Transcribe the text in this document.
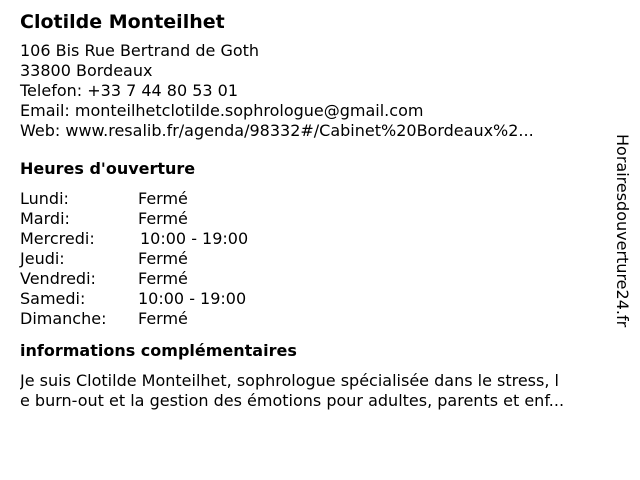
Clotilde Monteilhet
106 Bis Rue Bertrand de Goth
33800 Bordeaux
Telefon: +33 7 44 80 53 01
Email: monteilhetclotilde.sophrologue@gmail.com
Web: www.resalib.fr/agenda/98332#/Cabinet%20Bordeaux%2...
Heures d'ouverture
Lundi:	Fermé
Mardi:	Fermé
Mercredi:	10:00 - 19:00
Jeudi:	Fermé
Vendredi:	Fermé
Samedi:	10:00 - 19:00
Dimanche:	Fermé
informations complémentaires
Je suis Clotilde Monteilhet, sophrologue spécialisée dans le stress, l
e burn-out et la gestion des émotions pour adultes, parents et enf...
Horairesdouverture24.fr
